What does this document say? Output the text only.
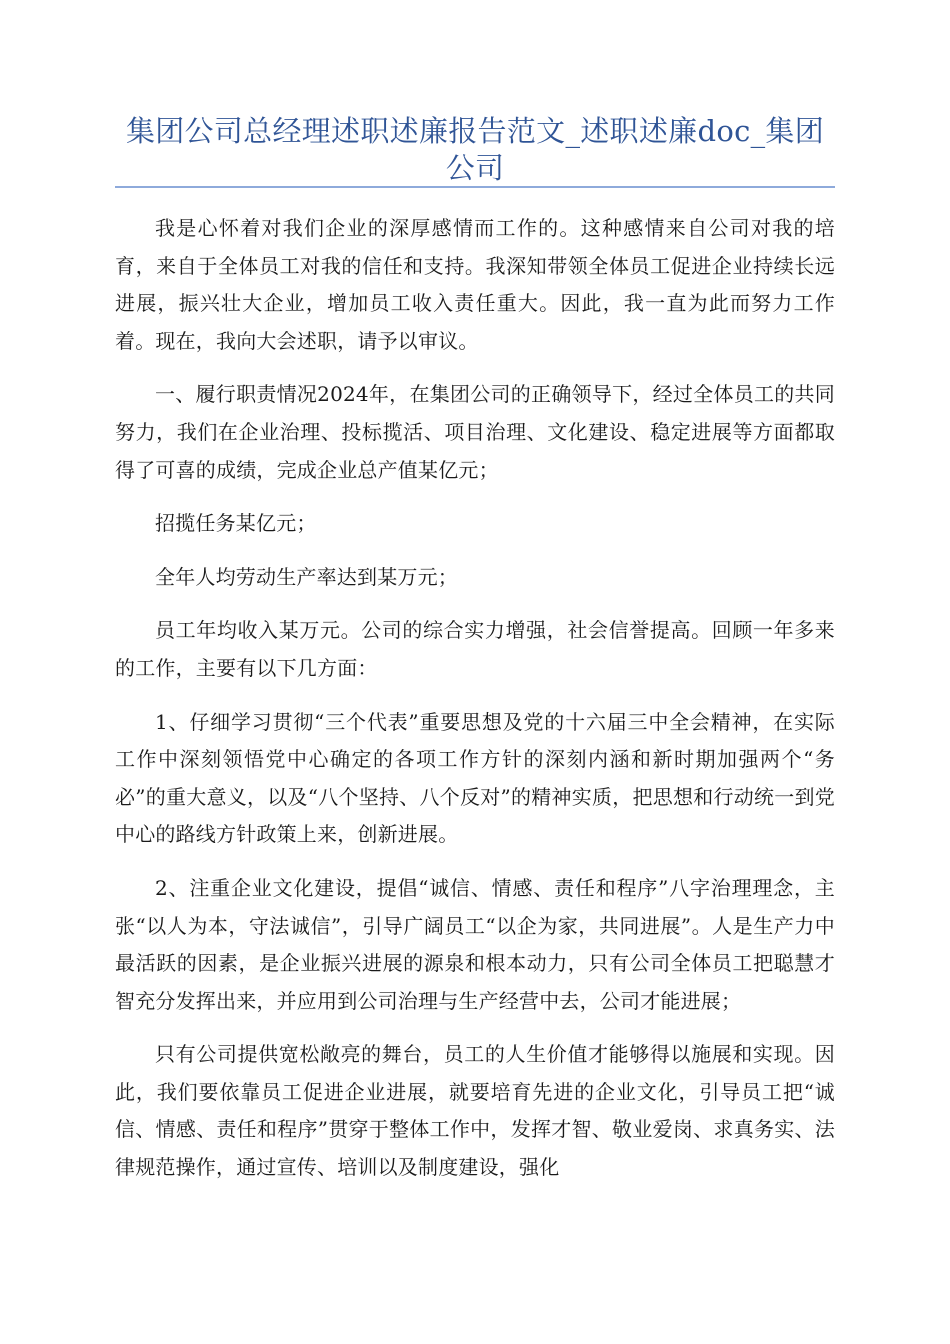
集团公司总经理述职述廉报告范文_述职述廉doc_集团公司

我是心怀着对我们企业的深厚感情而工作的。这种感情来自公司对我的培育，来自于全体员工对我的信任和支持。我深知带领全体员工促进企业持续长远进展，振兴壮大企业，增加员工收入责任重大。因此，我一直为此而努力工作着。现在，我向大会述职，请予以审议。

一、履行职责情况2024年，在集团公司的正确领导下，经过全体员工的共同努力，我们在企业治理、投标揽活、项目治理、文化建设、稳定进展等方面都取得了可喜的成绩，完成企业总产值某亿元；

招揽任务某亿元；

全年人均劳动生产率达到某万元；

员工年均收入某万元。公司的综合实力增强，社会信誉提高。回顾一年多来的工作，主要有以下几方面：

1、仔细学习贯彻“三个代表”重要思想及党的十六届三中全会精神，在实际工作中深刻领悟党中心确定的各项工作方针的深刻内涵和新时期加强两个“务必”的重大意义，以及“八个坚持、八个反对”的精神实质，把思想和行动统一到党中心的路线方针政策上来，创新进展。

2、注重企业文化建设，提倡“诚信、情感、责任和程序”八字治理理念，主张“以人为本，守法诚信”，引导广阔员工“以企为家，共同进展”。人是生产力中最活跃的因素，是企业振兴进展的源泉和根本动力，只有公司全体员工把聪慧才智充分发挥出来，并应用到公司治理与生产经营中去，公司才能进展；

只有公司提供宽松敞亮的舞台，员工的人生价值才能够得以施展和实现。因此，我们要依靠员工促进企业进展，就要培育先进的企业文化，引导员工把“诚信、情感、责任和程序”贯穿于整体工作中，发挥才智、敬业爱岗、求真务实、法律规范操作，通过宣传、培训以及制度建设，强化
